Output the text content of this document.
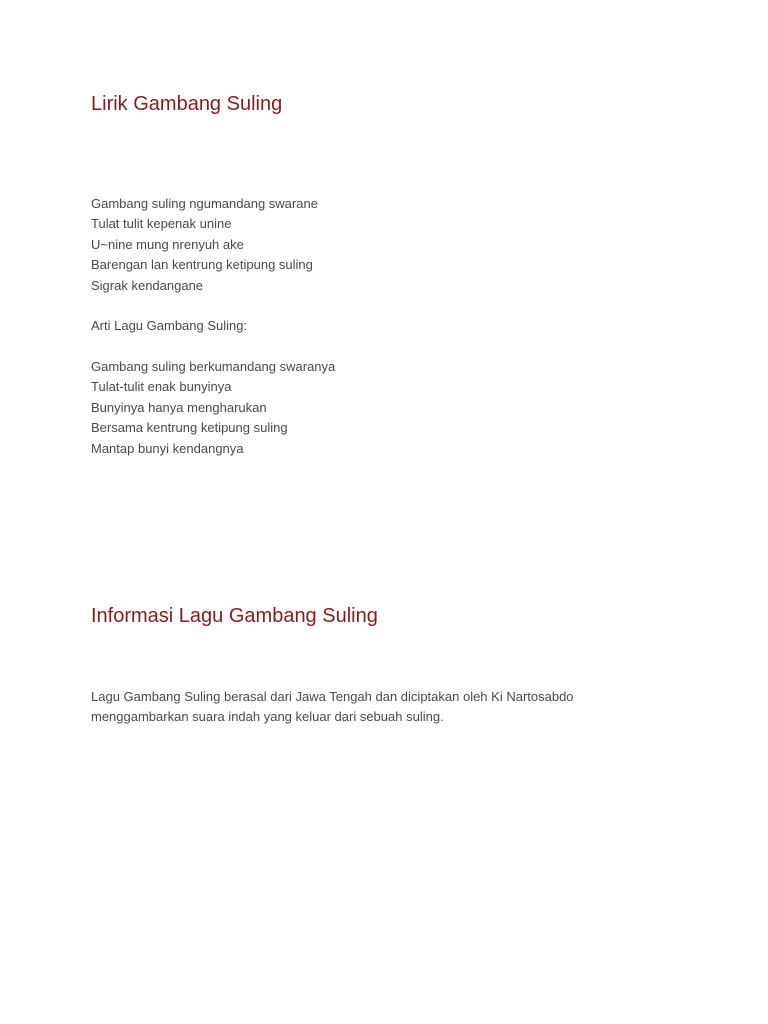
Lirik Gambang Suling
Gambang suling ngumandang swarane
Tulat tulit kepenak unine
U~nine mung nrenyuh ake
Barengan lan kentrung ketipung suling
Sigrak kendangane

Arti Lagu Gambang Suling:

Gambang suling berkumandang swaranya
Tulat-tulit enak bunyinya
Bunyinya hanya mengharukan
Bersama kentrung ketipung suling
Mantap bunyi kendangnya
Informasi Lagu Gambang Suling
Lagu Gambang Suling berasal dari Jawa Tengah dan diciptakan oleh Ki Nartosabdo
menggambarkan suara indah yang keluar dari sebuah suling.
